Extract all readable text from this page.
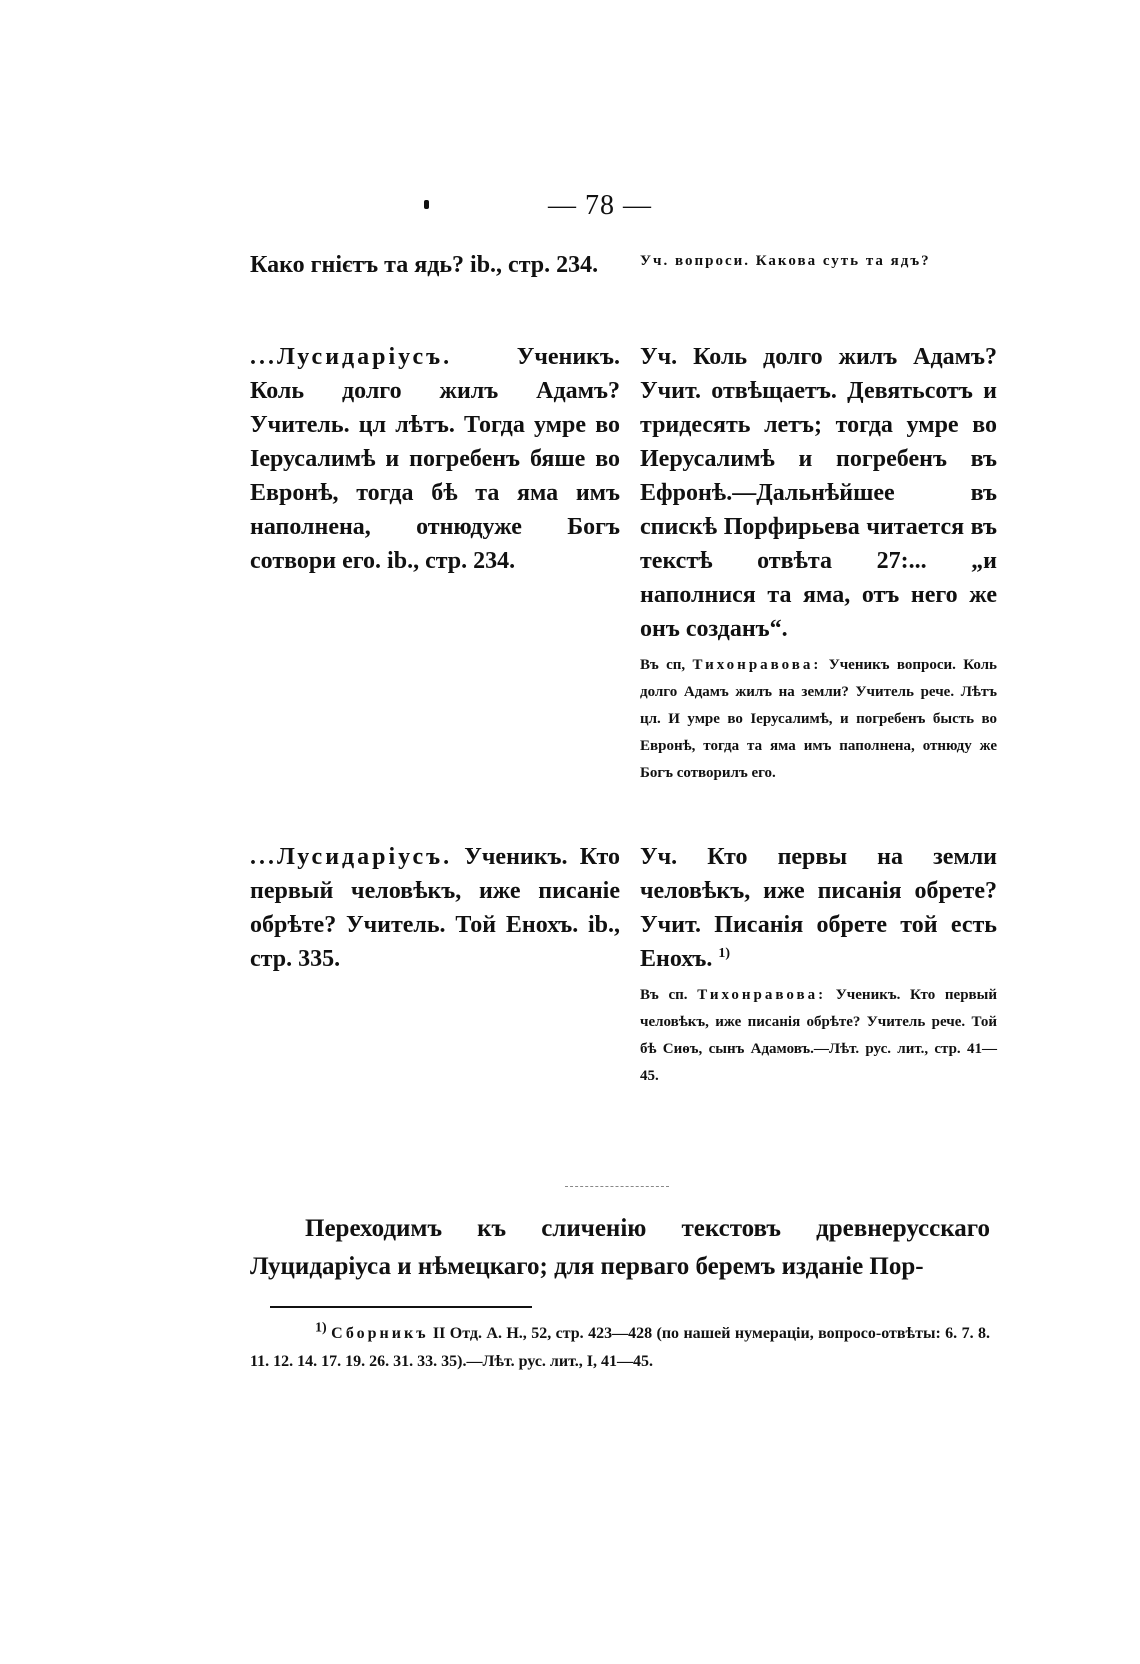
— 78 —

Како гнієтъ та ядь? ib., стр. 234.	Уч. вопроси. Какова суть та ядъ?

...Лусидаріусъ. Ученикъ. Коль долго жилъ Адамъ? Учитель. цл лѣтъ. Тогда умре во Іерусалимѣ и погребенъ бяше во Евронѣ, тогда бѣ та яма имъ наполнена, отнюдуже Богъ сотвори его. ib., стр. 234.

Уч. Коль долго жилъ Адамъ? Учит. отвѣщаетъ. Девятьсотъ и тридесять летъ; тогда умре во Иерусалимѣ и погребенъ въ Ефронѣ.—Дальнѣйшее въ спискѣ Порфирьева читается въ текстѣ отвѣта 27:... „и наполнися та яма, отъ него же онъ созданъ“.

Въ сп, Тихонравова: Ученикъ вопроси. Коль долго Адамъ жилъ на земли? Учитель рече. Лѣтъ цл. И умре во Іерусалимѣ, и погребенъ бысть во Евронѣ, тогда та яма имъ паполнена, отнюду же Богъ сотворилъ его.

...Лусидаріусъ. Ученикъ. Кто первый человѣкъ, иже писаніе обрѣте? Учитель. Той Енохъ. ib., стр. 335.

Уч. Кто первы на земли человѣкъ, иже писанія обрете? Учит. Писанія обрете той есть Енохъ. $^{1)}$

Въ сп. Тихонравова: Ученикъ. Кто первый человѣкъ, иже писанія обрѣте? Учитель рече. Той бѣ Сиѳъ, сынъ Адамовъ.—Лѣт. рус. лит., стр. 41—45.

Переходимъ къ сличенію текстовъ древнерусскаго Луцидаріуса и нѣмецкаго; для перваго беремъ изданіе Пор-

1) Сборникъ II Отд. А. Н., 52, стр. 423—428 (по нашей нумераціи, вопросо-отвѣты: 6. 7. 8. 11. 12. 14. 17. 19. 26. 31. 33. 35).—Лѣт. рус. лит., I, 41—45.
